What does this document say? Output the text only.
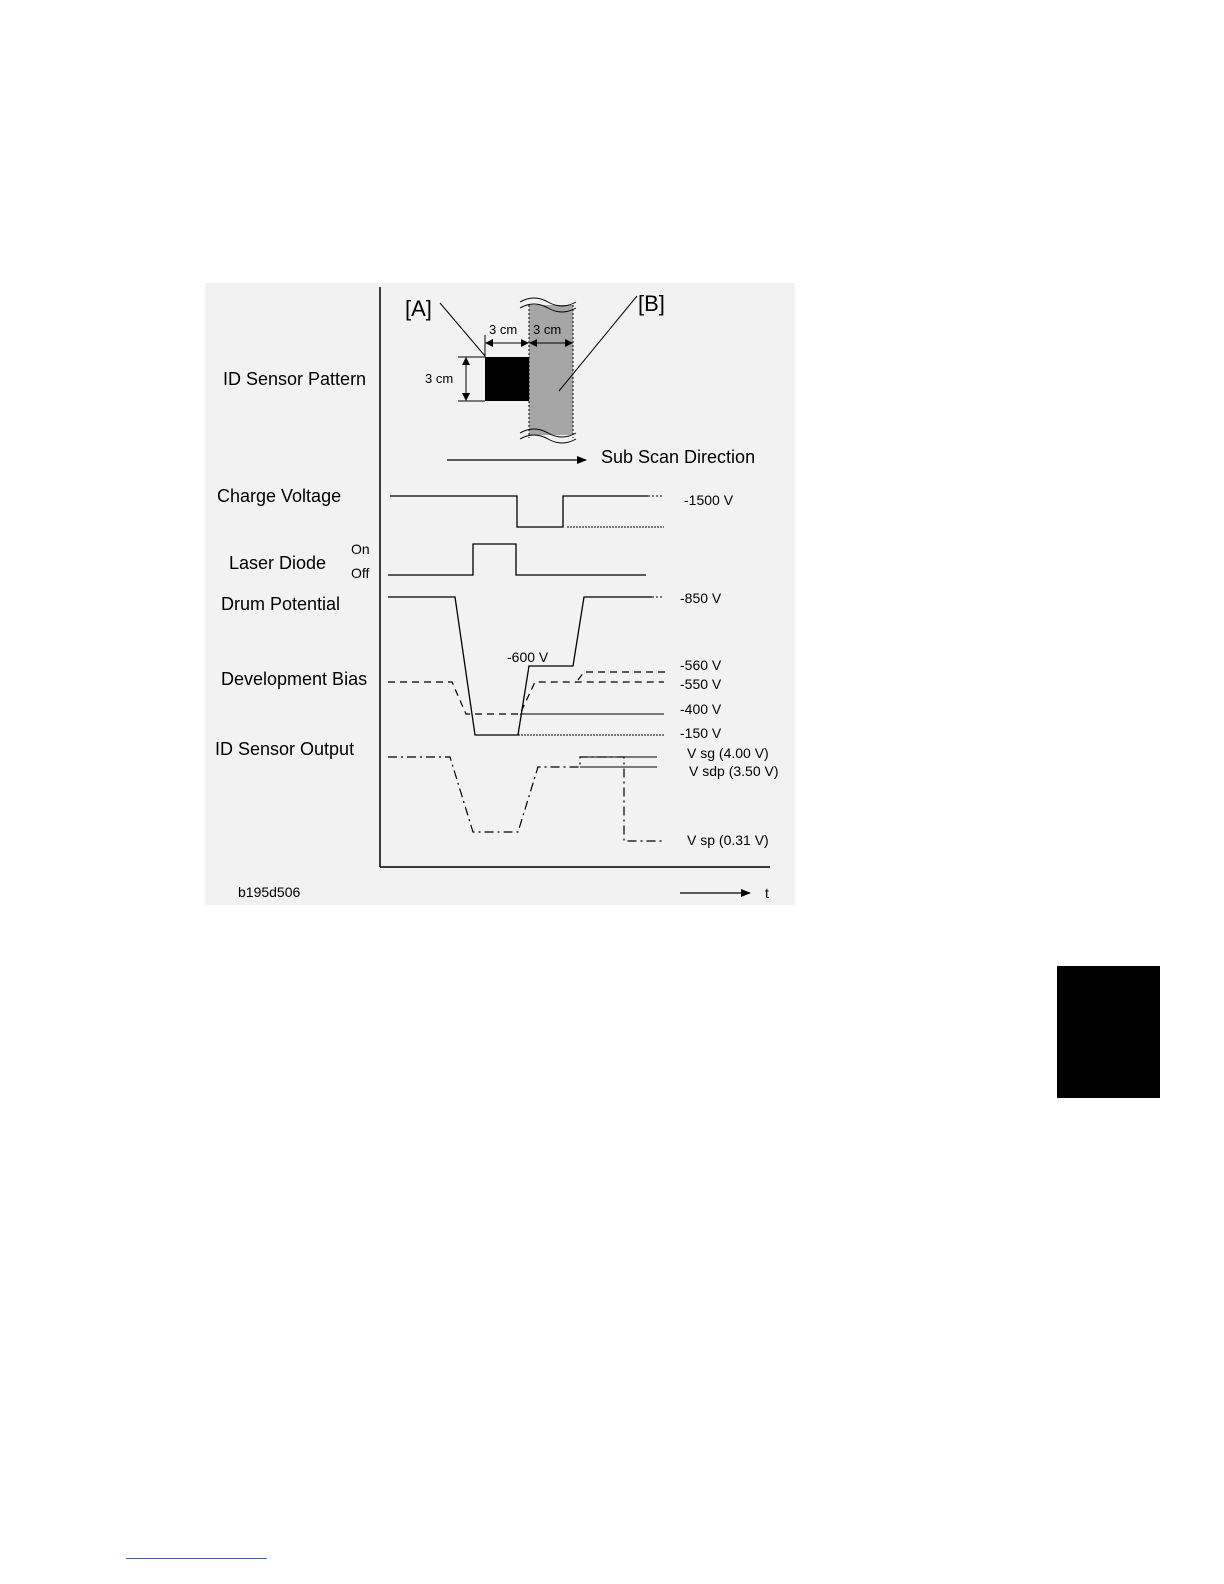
ID Sensor Pattern
Charge Voltage
Laser Diode
Drum Potential
Development Bias
ID Sensor Output
[A]	[B]
3 cm 3 cm
3 cm
Sub Scan Direction
-1500 V
On
Off
-850 V
-600 V
-150 V
-560 V
-550 V
-400 V
V sg (4.00 V)
V sdp (3.50 V)
V sp (0.31 V)
b195d506	t
